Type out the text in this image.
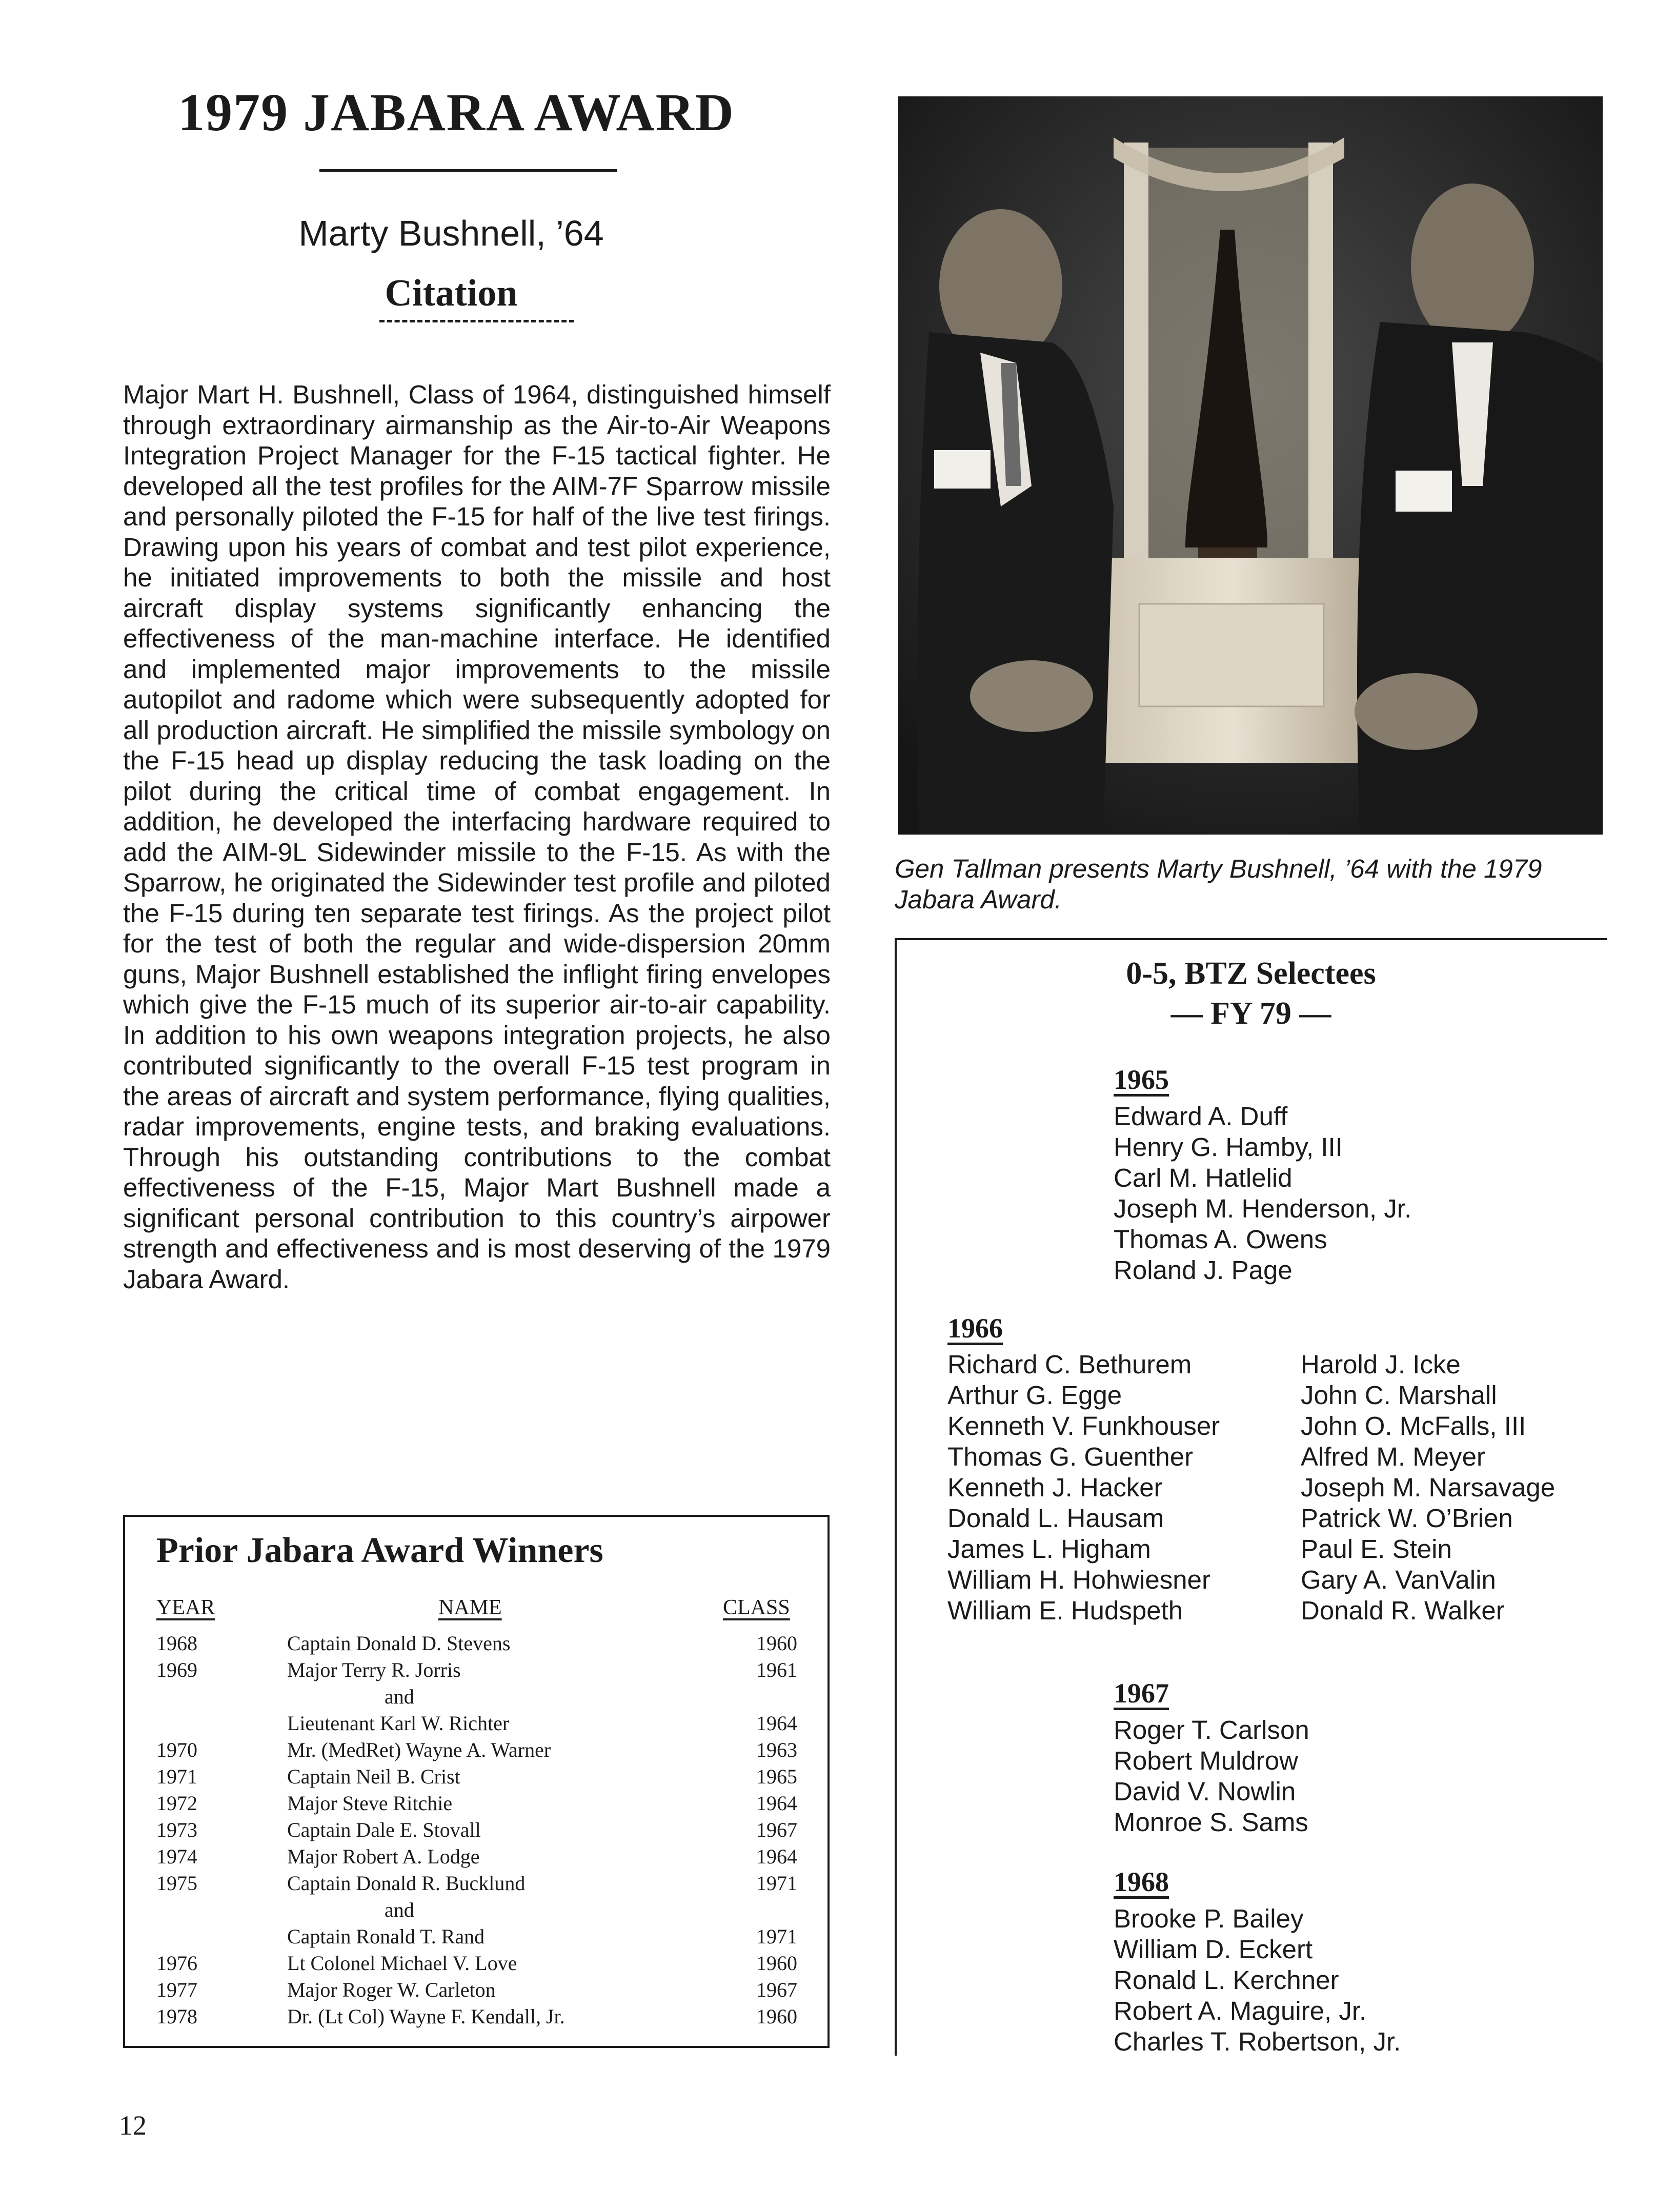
1979 JABARA AWARD
Marty Bushnell, ’64
Citation
Major Mart H. Bushnell, Class of 1964, distinguished himself through extraordinary airmanship as the Air-to-Air Weapons Integration Project Manager for the F-15 tactical fighter. He developed all the test profiles for the AIM-7F Sparrow missile and personally piloted the F-15 for half of the live test firings. Drawing upon his years of combat and test pilot experience, he initiated improvements to both the missile and host aircraft display systems significantly enhancing the effectiveness of the man-machine interface. He identified and implemented major improvements to the missile autopilot and radome which were subsequently adopted for all production aircraft. He simplified the missile symbology on the F-15 head up display reducing the task loading on the pilot during the critical time of combat engagement. In addition, he developed the interfacing hardware required to add the AIM-9L Sidewinder missile to the F-15. As with the Sparrow, he originated the Sidewinder test profile and piloted the F-15 during ten separate test firings. As the project pilot for the test of both the regular and wide-dispersion 20mm guns, Major Bushnell established the inflight firing envelopes which give the F-15 much of its superior air-to-air capability. In addition to his own weapons integration projects, he also contributed significantly to the overall F-15 test program in the areas of aircraft and system performance, flying qualities, radar improvements, engine tests, and braking evaluations. Through his outstanding contributions to the combat effectiveness of the F-15, Major Mart Bushnell made a significant personal contribution to this country’s airpower strength and effectiveness and is most deserving of the 1979 Jabara Award.
Prior Jabara Award Winners
YEAR	NAME	CLASS
1968	Captain Donald D. Stevens	1960
1969	Major Terry R. Jorris	1961
and
Lieutenant Karl W. Richter	1964
1970	Mr. (MedRet) Wayne A. Warner	1963
1971	Captain Neil B. Crist	1965
1972	Major Steve Ritchie	1964
1973	Captain Dale E. Stovall	1967
1974	Major Robert A. Lodge	1964
1975	Captain Donald R. Bucklund	1971
and
Captain Ronald T. Rand	1971
1976	Lt Colonel Michael V. Love	1960
1977	Major Roger W. Carleton	1967
1978	Dr. (Lt Col) Wayne F. Kendall, Jr.	1960
12
Gen Tallman presents Marty Bushnell, ’64 with the 1979 Jabara Award.
0-5, BTZ Selectees
— FY 79 —
1965
Edward A. Duff
Henry G. Hamby, III
Carl M. Hatlelid
Joseph M. Henderson, Jr.
Thomas A. Owens
Roland J. Page
1966
Richard C. Bethurem
Arthur G. Egge
Kenneth V. Funkhouser
Thomas G. Guenther
Kenneth J. Hacker
Donald L. Hausam
James L. Higham
William H. Hohwiesner
William E. Hudspeth
Harold J. Icke
John C. Marshall
John O. McFalls, III
Alfred M. Meyer
Joseph M. Narsavage
Patrick W. O’Brien
Paul E. Stein
Gary A. VanValin
Donald R. Walker
1967
Roger T. Carlson
Robert Muldrow
David V. Nowlin
Monroe S. Sams
1968
Brooke P. Bailey
William D. Eckert
Ronald L. Kerchner
Robert A. Maguire, Jr.
Charles T. Robertson, Jr.
